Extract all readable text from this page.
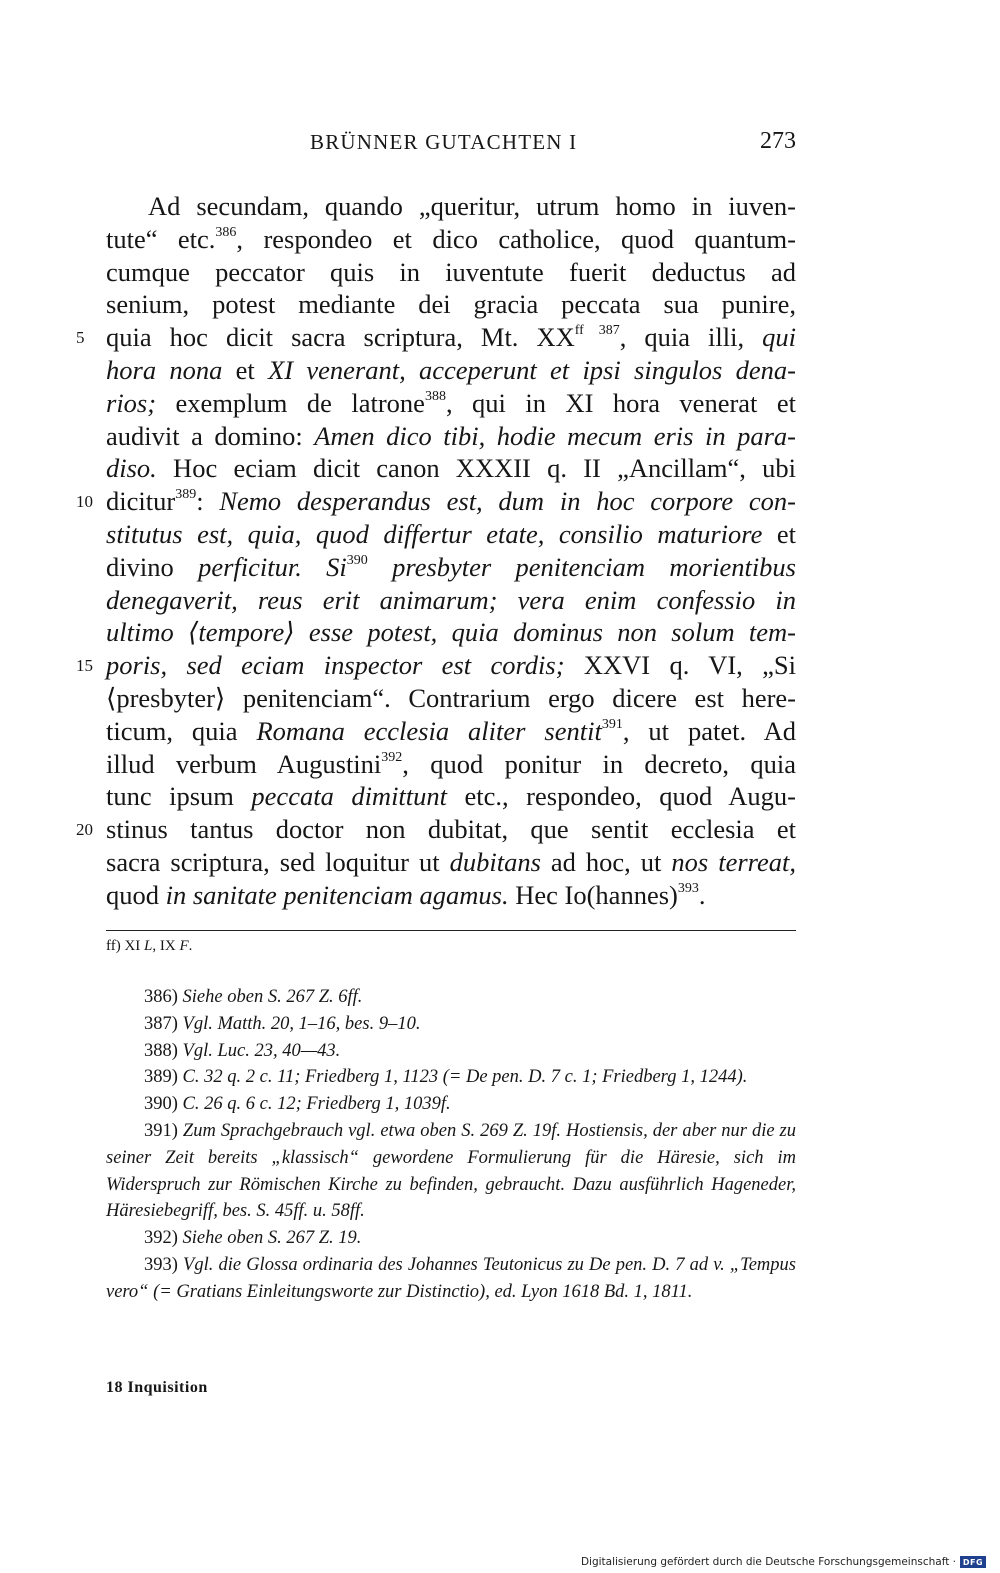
BRÜNNER GUTACHTEN I	273
Ad secundam, quando „queritur, utrum homo in iuven-
tute“ etc.$^{386}$, respondeo et dico catholice, quod quantum-
cumque peccator quis in iuventute fuerit deductus ad
senium, potest mediante dei gracia peccata sua punire,
5 quia hoc dicit sacra scriptura, Mt. $XX^{ff 387}$, quia illi, qui
hora nona et XI venerant, acceperunt et ipsi singulos dena-
rios; exemplum de latrone$^{388}$, qui in XI hora venerat et
audivit a domino: Amen dico tibi, hodie mecum eris in para-
diso. Hoc eciam dicit canon XXXII q. II „Ancillam“, ubi
10 dicitur$^{389}$: Nemo desperandus est, dum in hoc corpore con-
stitutus est, quia, quod differtur etate, consilio maturiore et
divino perficitur. Si$^{390}$ presbyter penitenciam morientibus
denegaverit, reus erit animarum; vera enim confessio in
ultimo ⟨tempore⟩ esse potest, quia dominus non solum tem-
15 poris, sed eciam inspector est cordis; XXVI q. VI, „Si
⟨presbyter⟩ penitenciam“. Contrarium ergo dicere est here-
ticum, quia Romana ecclesia aliter sentit$^{391}$, ut patet. Ad
illud verbum Augustini$^{392}$, quod ponitur in decreto, quia
tunc ipsum peccata dimittunt etc., respondeo, quod Augu-
20 stinus tantus doctor non dubitat, que sentit ecclesia et
sacra scriptura, sed loquitur ut dubitans ad hoc, ut nos terreat,
quod in sanitate penitenciam agamus. Hec Io(hannes)$^{393}$.
ff) XI L, IX F.
386) Siehe oben S. 267 Z. 6ff.
387) Vgl. Matth. 20, 1–16, bes. 9–10.
388) Vgl. Luc. 23, 40—43.
389) C. 32 q. 2 c. 11; Friedberg 1, 1123 (= De pen. D. 7 c. 1; Friedberg 1, 1244).
390) C. 26 q. 6 c. 12; Friedberg 1, 1039f.
391) Zum Sprachgebrauch vgl. etwa oben S. 269 Z. 19f. Hostiensis, der aber nur die zu seiner Zeit bereits „klassisch“ gewordene Formulierung für die Häresie, sich im Widerspruch zur Römischen Kirche zu befinden, gebraucht. Dazu ausführlich Hageneder, Häresiebegriff, bes. S. 45ff. u. 58ff.
392) Siehe oben S. 267 Z. 19.
393) Vgl. die Glossa ordinaria des Johannes Teutonicus zu De pen. D. 7 ad v. „Tempus vero“ (= Gratians Einleitungsworte zur Distinctio), ed. Lyon 1618 Bd. 1, 1811.
18 Inquisition
Digitalisierung gefördert durch die Deutsche Forschungsgemeinschaft · DFG
